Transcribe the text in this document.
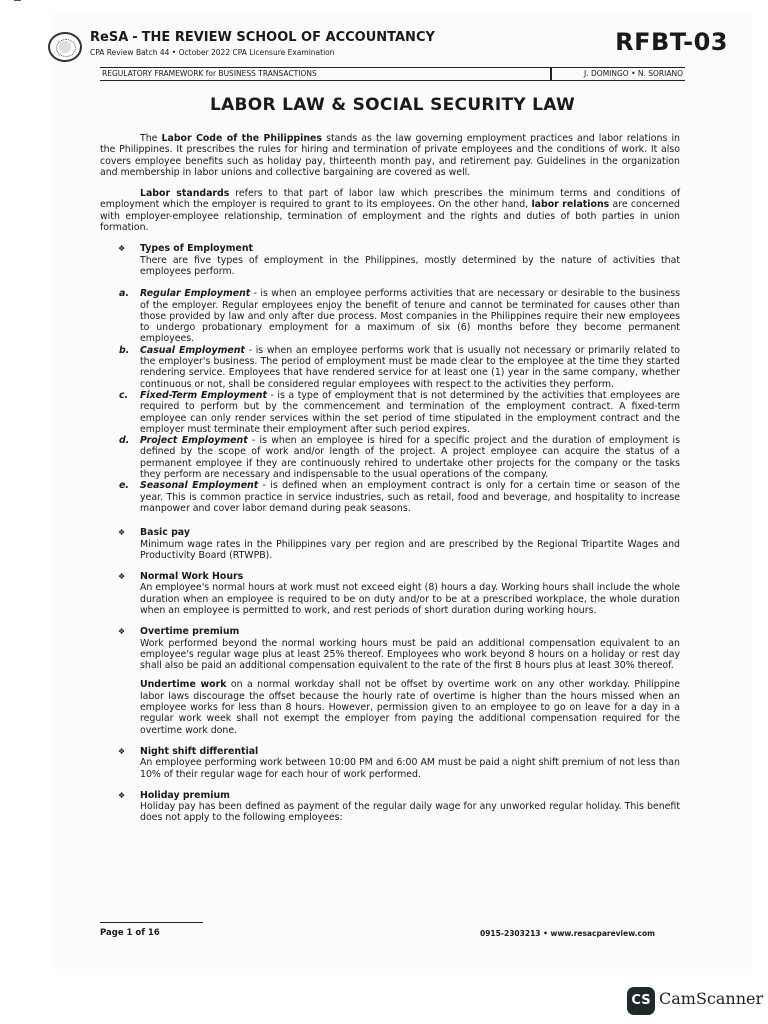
ReSA - THE REVIEW SCHOOL OF ACCOUNTANCY
CPA Review Batch 44 • October 2022 CPA Licensure Examination	RFBT-03
REGULATORY FRAMEWORK for BUSINESS TRANSACTIONS	J. DOMINGO • N. SORIANO
LABOR LAW & SOCIAL SECURITY LAW

The Labor Code of the Philippines stands as the law governing employment practices and labor relations in the Philippines. It prescribes the rules for hiring and termination of private employees and the conditions of work. It also covers employee benefits such as holiday pay, thirteenth month pay, and retirement pay. Guidelines in the organization and membership in labor unions and collective bargaining are covered as well.

Labor standards refers to that part of labor law which prescribes the minimum terms and conditions of employment which the employer is required to grant to its employees. On the other hand, labor relations are concerned with employer-employee relationship, termination of employment and the rights and duties of both parties in union formation.

❖ Types of Employment

There are five types of employment in the Philippines, mostly determined by the nature of activities that employees perform.

a. Regular Employment - is when an employee performs activities that are necessary or desirable to the business of the employer. Regular employees enjoy the benefit of tenure and cannot be terminated for causes other than those provided by law and only after due process. Most companies in the Philippines require their new employees to undergo probationary employment for a maximum of six (6) months before they become permanent employees.

b. Casual Employment - is when an employee performs work that is usually not necessary or primarily related to the employer's business. The period of employment must be made clear to the employee at the time they started rendering service. Employees that have rendered service for at least one (1) year in the same company, whether continuous or not, shall be considered regular employees with respect to the activities they perform.

c. Fixed-Term Employment - is a type of employment that is not determined by the activities that employees are required to perform but by the commencement and termination of the employment contract. A fixed-term employee can only render services within the set period of time stipulated in the employment contract and the employer must terminate their employment after such period expires.

d. Project Employment - is when an employee is hired for a specific project and the duration of employment is defined by the scope of work and/or length of the project. A project employee can acquire the status of a permanent employee if they are continuously rehired to undertake other projects for the company or the tasks they perform are necessary and indispensable to the usual operations of the company.

e. Seasonal Employment - is defined when an employment contract is only for a certain time or season of the year. This is common practice in service industries, such as retail, food and beverage, and hospitality to increase manpower and cover labor demand during peak seasons.

❖ Basic pay

Minimum wage rates in the Philippines vary per region and are prescribed by the Regional Tripartite Wages and Productivity Board (RTWPB).

❖ Normal Work Hours

An employee's normal hours at work must not exceed eight (8) hours a day. Working hours shall include the whole duration when an employee is required to be on duty and/or to be at a prescribed workplace, the whole duration when an employee is permitted to work, and rest periods of short duration during working hours.

❖ Overtime premium

Work performed beyond the normal working hours must be paid an additional compensation equivalent to an employee's regular wage plus at least 25% thereof. Employees who work beyond 8 hours on a holiday or rest day shall also be paid an additional compensation equivalent to the rate of the first 8 hours plus at least 30% thereof.

Undertime work on a normal workday shall not be offset by overtime work on any other workday. Philippine labor laws discourage the offset because the hourly rate of overtime is higher than the hours missed when an employee works for less than 8 hours. However, permission given to an employee to go on leave for a day in a regular work week shall not exempt the employer from paying the additional compensation required for the overtime work done.

❖ Night shift differential

An employee performing work between 10:00 PM and 6:00 AM must be paid a night shift premium of not less than 10% of their regular wage for each hour of work performed.

❖ Holiday premium

Holiday pay has been defined as payment of the regular daily wage for any unworked regular holiday. This benefit does not apply to the following employees:

Page 1 of 16	0915-2303213 • www.resacpareview.com
CS CamScanner
